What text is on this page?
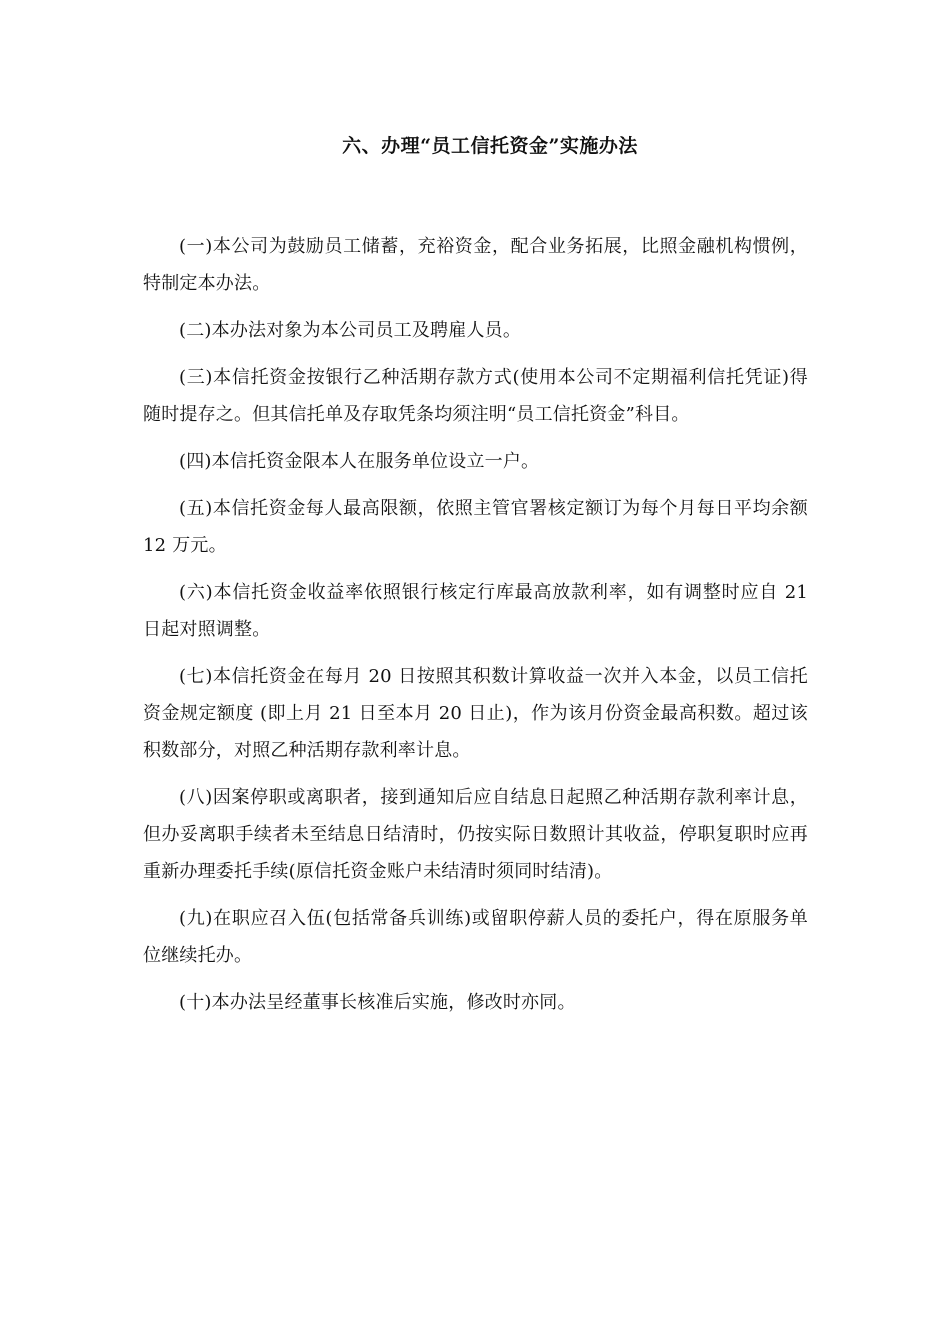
六、办理“员工信托资金”实施办法

(一)本公司为鼓励员工储蓄，充裕资金，配合业务拓展，比照金融机构惯例，特制定本办法。

(二)本办法对象为本公司员工及聘雇人员。

(三)本信托资金按银行乙种活期存款方式(使用本公司不定期福利信托凭证)得随时提存之。但其信托单及存取凭条均须注明“员工信托资金”科目。

(四)本信托资金限本人在服务单位设立一户。

(五)本信托资金每人最高限额，依照主管官署核定额订为每个月每日平均余额 12 万元。

(六)本信托资金收益率依照银行核定行库最高放款利率，如有调整时应自 21 日起对照调整。

(七)本信托资金在每月 20 日按照其积数计算收益一次并入本金，以员工信托资金规定额度 (即上月 21 日至本月 20 日止)，作为该月份资金最高积数。超过该积数部分，对照乙种活期存款利率计息。

(八)因案停职或离职者，接到通知后应自结息日起照乙种活期存款利率计息，但办妥离职手续者未至结息日结清时，仍按实际日数照计其收益，停职复职时应再重新办理委托手续(原信托资金账户未结清时须同时结清)。

(九)在职应召入伍(包括常备兵训练)或留职停薪人员的委托户，得在原服务单位继续托办。

(十)本办法呈经董事长核准后实施，修改时亦同。
